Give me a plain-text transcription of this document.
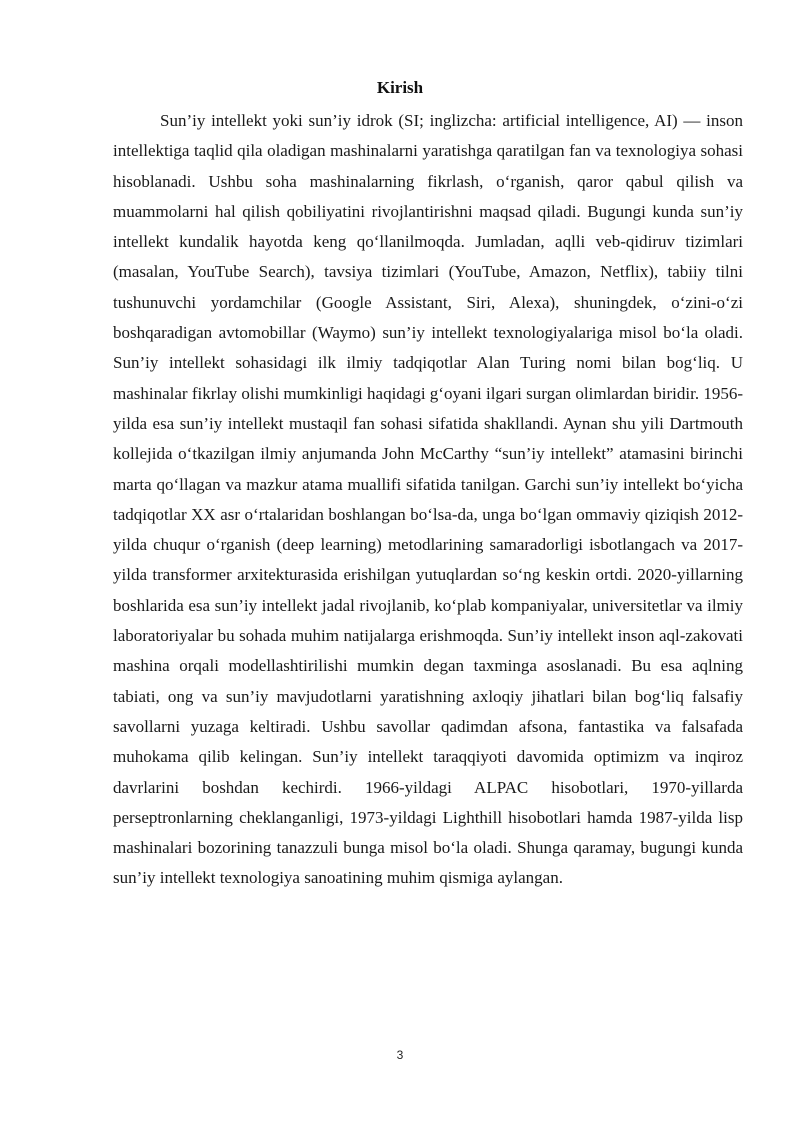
Kirish

Sun’iy intellekt yoki sun’iy idrok (SI; inglizcha: artificial intelligence, AI) — inson intellektiga taqlid qila oladigan mashinalarni yaratishga qaratilgan fan va texnologiya sohasi hisoblanadi. Ushbu soha mashinalarning fikrlash, o‘rganish, qaror qabul qilish va muammolarni hal qilish qobiliyatini rivojlantirishni maqsad qiladi. Bugungi kunda sun’iy intellekt kundalik hayotda keng qo‘llanilmoqda. Jumladan, aqlli veb-qidiruv tizimlari (masalan, YouTube Search), tavsiya tizimlari (YouTube, Amazon, Netflix), tabiiy tilni tushunuvchi yordamchilar (Google Assistant, Siri, Alexa), shuningdek, o‘zini-o‘zi boshqaradigan avtomobillar (Waymo) sun’iy intellekt texnologiyalariga misol bo‘la oladi. Sun’iy intellekt sohasidagi ilk ilmiy tadqiqotlar Alan Turing nomi bilan bog‘liq. U mashinalar fikrlay olishi mumkinligi haqidagi g‘oyani ilgari surgan olimlardan biridir. 1956-yilda esa sun’iy intellekt mustaqil fan sohasi sifatida shakllandi. Aynan shu yili Dartmouth kollejida o‘tkazilgan ilmiy anjumanda John McCarthy “sun’iy intellekt” atamasini birinchi marta qo‘llagan va mazkur atama muallifi sifatida tanilgan. Garchi sun’iy intellekt bo‘yicha tadqiqotlar XX asr o‘rtalaridan boshlangan bo‘lsa-da, unga bo‘lgan ommaviy qiziqish 2012-yilda chuqur o‘rganish (deep learning) metodlarining samaradorligi isbotlangach va 2017-yilda transformer arxitekturasida erishilgan yutuqlardan so‘ng keskin ortdi. 2020-yillarning boshlarida esa sun’iy intellekt jadal rivojlanib, ko‘plab kompaniyalar, universitetlar va ilmiy laboratoriyalar bu sohada muhim natijalarga erishmoqda. Sun’iy intellekt inson aql-zakovati mashina orqali modellashtirilishi mumkin degan taxminga asoslanadi. Bu esa aqlning tabiati, ong va sun’iy mavjudotlarni yaratishning axloqiy jihatlari bilan bog‘liq falsafiy savollarni yuzaga keltiradi. Ushbu savollar qadimdan afsona, fantastika va falsafada muhokama qilib kelingan. Sun’iy intellekt taraqqiyoti davomida optimizm va inqiroz davrlarini boshdan kechirdi. 1966-yildagi ALPAC hisobotlari, 1970-yillarda perseptronlarning cheklanganligi, 1973-yildagi Lighthill hisobotlari hamda 1987-yilda lisp mashinalari bozorining tanazzuli bunga misol bo‘la oladi. Shunga qaramay, bugungi kunda sun’iy intellekt texnologiya sanoatining muhim qismiga aylangan.

3
